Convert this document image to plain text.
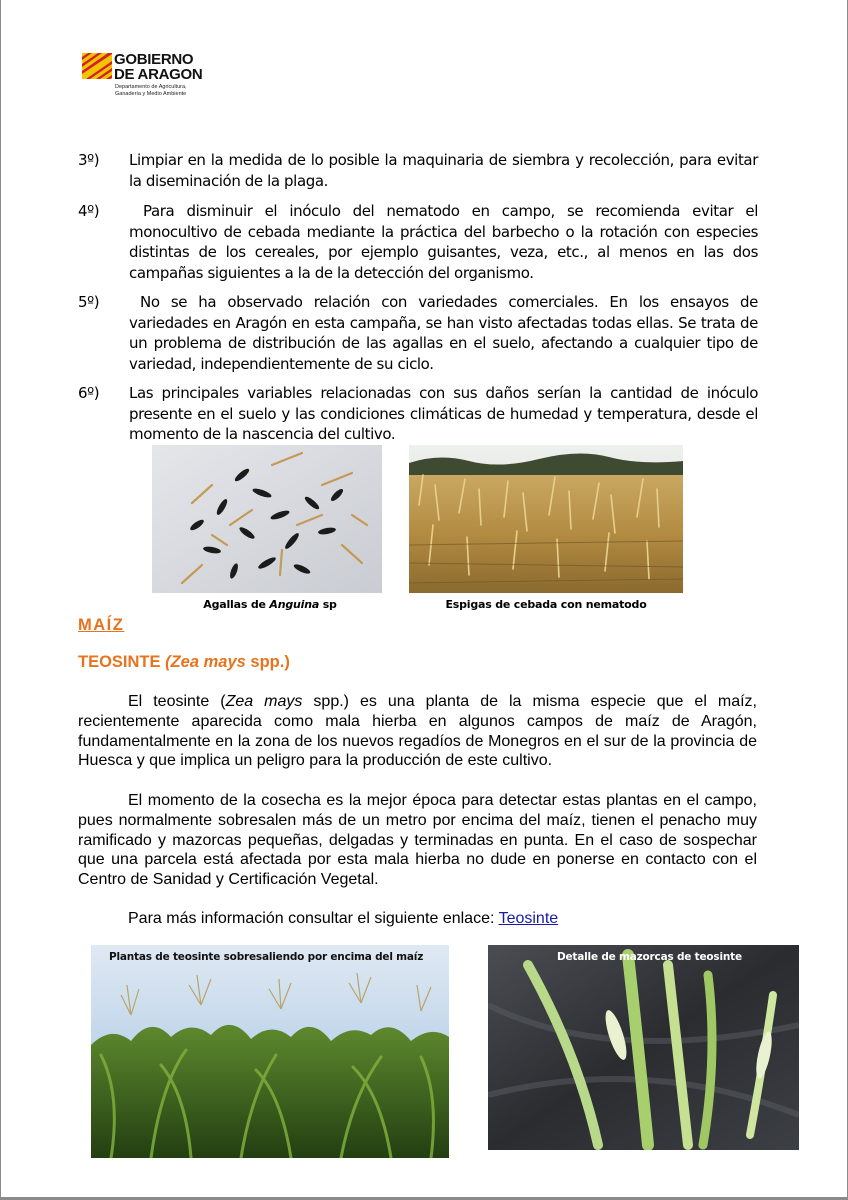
GOBIERNO
DE ARAGON
Departamento de Agricultura,
Ganadería y Medio Ambiente
3º) Limpiar en la medida de lo posible la maquinaria de siembra y recolección, para evitar la diseminación de la plaga.
4º)	Para disminuir el inóculo del nematodo en campo, se recomienda evitar el monocultivo de cebada mediante la práctica del barbecho o la rotación con especies distintas de los cereales, por ejemplo guisantes, veza, etc., al menos en las dos campañas siguientes a la de la detección del organismo.
5º)	No se ha observado relación con variedades comerciales. En los ensayos de variedades en Aragón en esta campaña, se han visto afectadas todas ellas. Se trata de un problema de distribución de las agallas en el suelo, afectando a cualquier tipo de variedad, independientemente de su ciclo.
6º) Las principales variables relacionadas con sus daños serían la cantidad de inóculo presente en el suelo y las condiciones climáticas de humedad y temperatura, desde el momento de la nascencia del cultivo.
Agallas de Anguina sp	Espigas de cebada con nematodo
MAÍZ
TEOSINTE (Zea mays spp.)
El teosinte (Zea mays spp.) es una planta de la misma especie que el maíz, recientemente aparecida como mala hierba en algunos campos de maíz de Aragón, fundamentalmente en la zona de los nuevos regadíos de Monegros en el sur de la provincia de Huesca y que implica un peligro para la producción de este cultivo.
El momento de la cosecha es la mejor época para detectar estas plantas en el campo, pues normalmente sobresalen más de un metro por encima del maíz, tienen el penacho muy ramificado y mazorcas pequeñas, delgadas y terminadas en punta. En el caso de sospechar que una parcela está afectada por esta mala hierba no dude en ponerse en contacto con el Centro de Sanidad y Certificación Vegetal.
Para más información consultar el siguiente enlace: Teosinte
Plantas de teosinte sobresaliendo por encima del maíz	Detalle de mazorcas de teosinte
